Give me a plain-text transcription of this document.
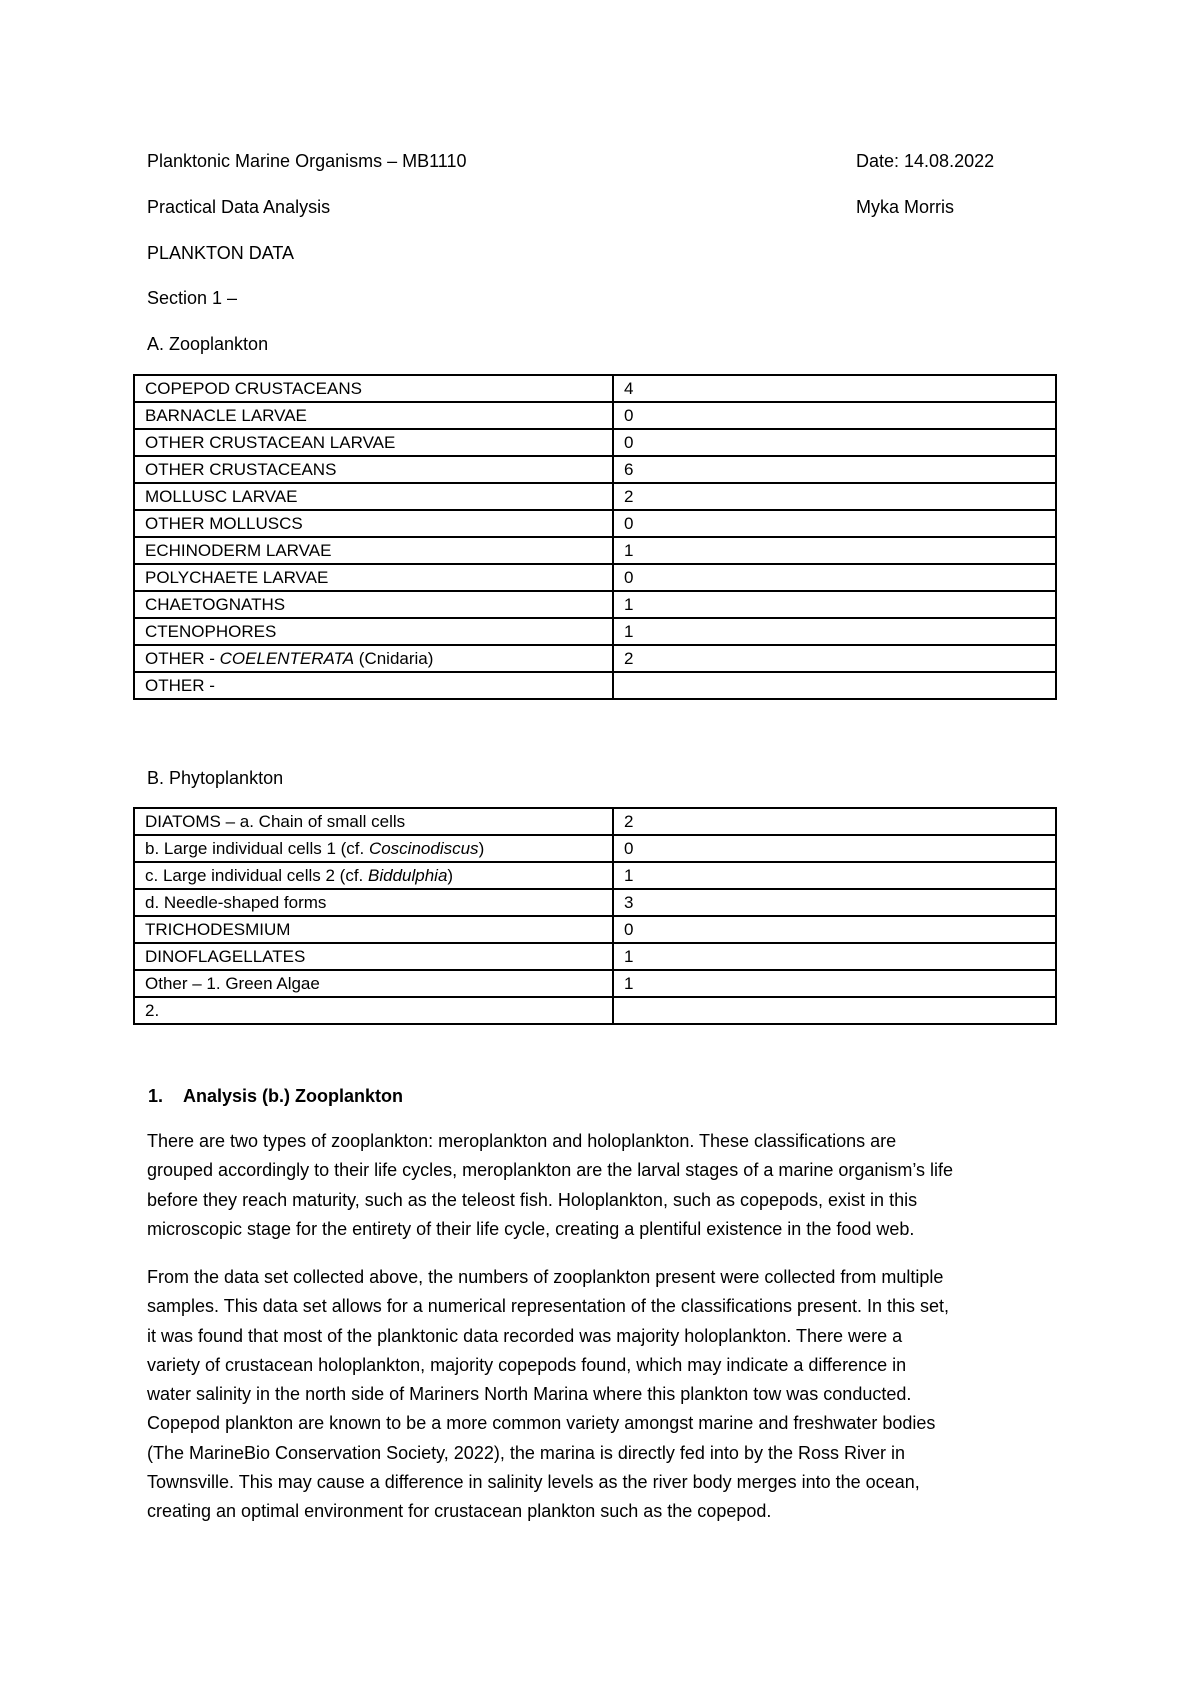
Planktonic Marine Organisms – MB1110	Date: 14.08.2022
Practical Data Analysis	Myka Morris
PLANKTON DATA
Section 1 –
A. Zooplankton
COPEPOD CRUSTACEANS	4
BARNACLE LARVAE	0
OTHER CRUSTACEAN LARVAE	0
OTHER CRUSTACEANS	6
MOLLUSC LARVAE	2
OTHER MOLLUSCS	0
ECHINODERM LARVAE	1
POLYCHAETE LARVAE	0
CHAETOGNATHS	1
CTENOPHORES	1
OTHER - COELENTERATA (Cnidaria)	2
OTHER -	
B. Phytoplankton
DIATOMS – a. Chain of small cells	2
b. Large individual cells 1 (cf. Coscinodiscus)	0
c. Large individual cells 2 (cf. Biddulphia)	1
d. Needle-shaped forms	3
TRICHODESMIUM	0
DINOFLAGELLATES	1
Other – 1. Green Algae	1
2.	
1. Analysis (b.) Zooplankton

There are two types of zooplankton: meroplankton and holoplankton. These classifications are
grouped accordingly to their life cycles, meroplankton are the larval stages of a marine organism’s life
before they reach maturity, such as the teleost fish. Holoplankton, such as copepods, exist in this
microscopic stage for the entirety of their life cycle, creating a plentiful existence in the food web.

From the data set collected above, the numbers of zooplankton present were collected from multiple
samples. This data set allows for a numerical representation of the classifications present. In this set,
it was found that most of the planktonic data recorded was majority holoplankton. There were a
variety of crustacean holoplankton, majority copepods found, which may indicate a difference in
water salinity in the north side of Mariners North Marina where this plankton tow was conducted.
Copepod plankton are known to be a more common variety amongst marine and freshwater bodies
(The MarineBio Conservation Society, 2022), the marina is directly fed into by the Ross River in
Townsville. This may cause a difference in salinity levels as the river body merges into the ocean,
creating an optimal environment for crustacean plankton such as the copepod.
